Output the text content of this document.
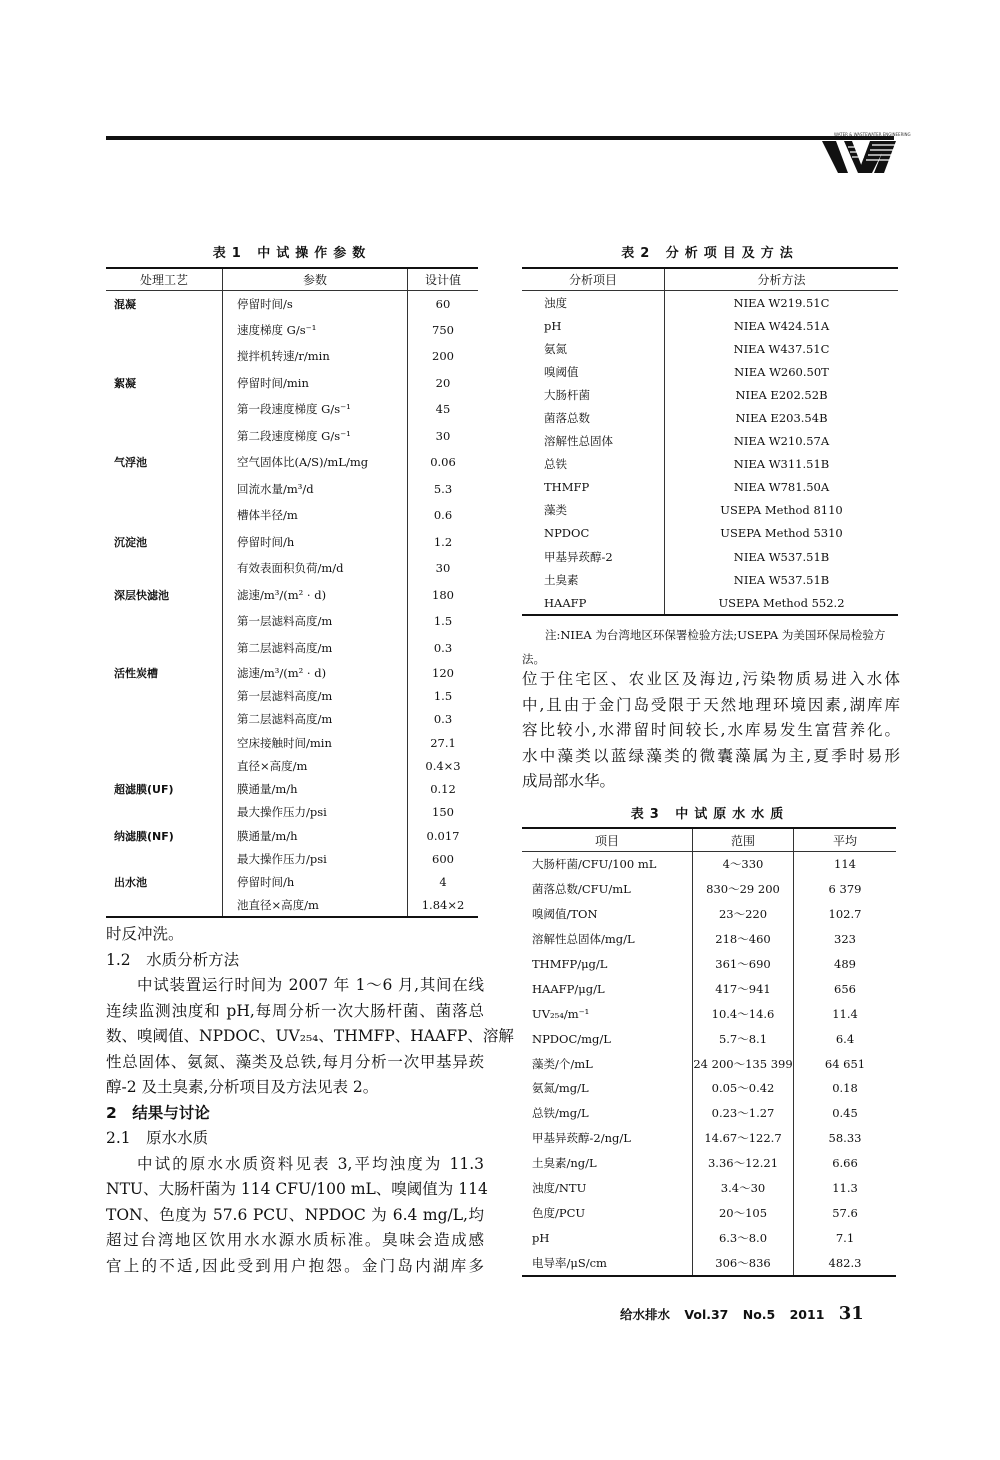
WATER & WASTEWATER ENGINEERING
表1 中试操作参数
处理工艺	参数	设计值
混凝	停留时间/s	60
	速度梯度 G/s⁻¹	750
	搅拌机转速/r/min	200
絮凝	停留时间/min	20
	第一段速度梯度 G/s⁻¹	45
	第二段速度梯度 G/s⁻¹	30
气浮池	空气固体比(A/S)/mL/mg	0.06
	回流水量/m³/d	5.3
	槽体半径/m	0.6
沉淀池	停留时间/h	1.2
	有效表面积负荷/m/d	30
深层快滤池	滤速/m³/(m² · d)	180
	第一层滤料高度/m	1.5
	第二层滤料高度/m	0.3
活性炭槽	滤速/m³/(m² · d)	120
	第一层滤料高度/m	1.5
	第二层滤料高度/m	0.3
	空床接触时间/min	27.1
	直径×高度/m	0.4×3
超滤膜(UF)	膜通量/m/h	0.12
	最大操作压力/psi	150
纳滤膜(NF)	膜通量/m/h	0.017
	最大操作压力/psi	600
出水池	停留时间/h	4
	池直径×高度/m	1.84×2
表2 分析项目及方法
分析项目	分析方法
浊度	NIEA W219.51C
pH	NIEA W424.51A
氨氮	NIEA W437.51C
嗅阈值	NIEA W260.50T
大肠杆菌	NIEA E202.52B
菌落总数	NIEA E203.54B
溶解性总固体	NIEA W210.57A
总铁	NIEA W311.51B
THMFP	NIEA W781.50A
藻类	USEPA Method 8110
NPDOC	USEPA Method 5310
甲基异莰醇-2	NIEA W537.51B
土臭素	NIEA W537.51B
HAAFP	USEPA Method 552.2
注:NIEA 为台湾地区环保署检验方法;USEPA 为美国环保局检验方法。
位于住宅区、农业区及海边,污染物质易进入水体
中,且由于金门岛受限于天然地理环境因素,湖库库
容比较小,水滞留时间较长,水库易发生富营养化。
水中藻类以蓝绿藻类的微囊藻属为主,夏季时易形
成局部水华。
表3 中试原水水质
项目	范围	平均
大肠杆菌/CFU/100 mL	4～330	114
菌落总数/CFU/mL	830～29 200	6 379
嗅阈值/TON	23～220	102.7
溶解性总固体/mg/L	218～460	323
THMFP/μg/L	361～690	489
HAAFP/μg/L	417～941	656
UV₂₅₄/m⁻¹	10.4～14.6	11.4
NPDOC/mg/L	5.7～8.1	6.4
藻类/个/mL	24 200～135 399	64 651
氨氮/mg/L	0.05～0.42	0.18
总铁/mg/L	0.23～1.27	0.45
甲基异莰醇-2/ng/L	14.67～122.7	58.33
土臭素/ng/L	3.36～12.21	6.66
浊度/NTU	3.4～30	11.3
色度/PCU	20～105	57.6
pH	6.3～8.0	7.1
电导率/μS/cm	306～836	482.3
时反冲洗。
1.2　水质分析方法
中试装置运行时间为 2007 年 1～6 月,其间在线
连续监测浊度和 pH,每周分析一次大肠杆菌、菌落总
数、嗅阈值、NPDOC、UV₂₅₄、THMFP、HAAFP、溶解
性总固体、氨氮、藻类及总铁,每月分析一次甲基异莰
醇-2 及土臭素,分析项目及方法见表 2。
2　结果与讨论
2.1　原水水质
中试的原水水质资料见表 3,平均浊度为 11.3
NTU、大肠杆菌为 114 CFU/100 mL、嗅阈值为 114
TON、色度为 57.6 PCU、NPDOC 为 6.4 mg/L,均
超过台湾地区饮用水水源水质标准。臭味会造成感
官上的不适,因此受到用户抱怨。金门岛内湖库多
给水排水 Vol.37 No.5 2011 31
